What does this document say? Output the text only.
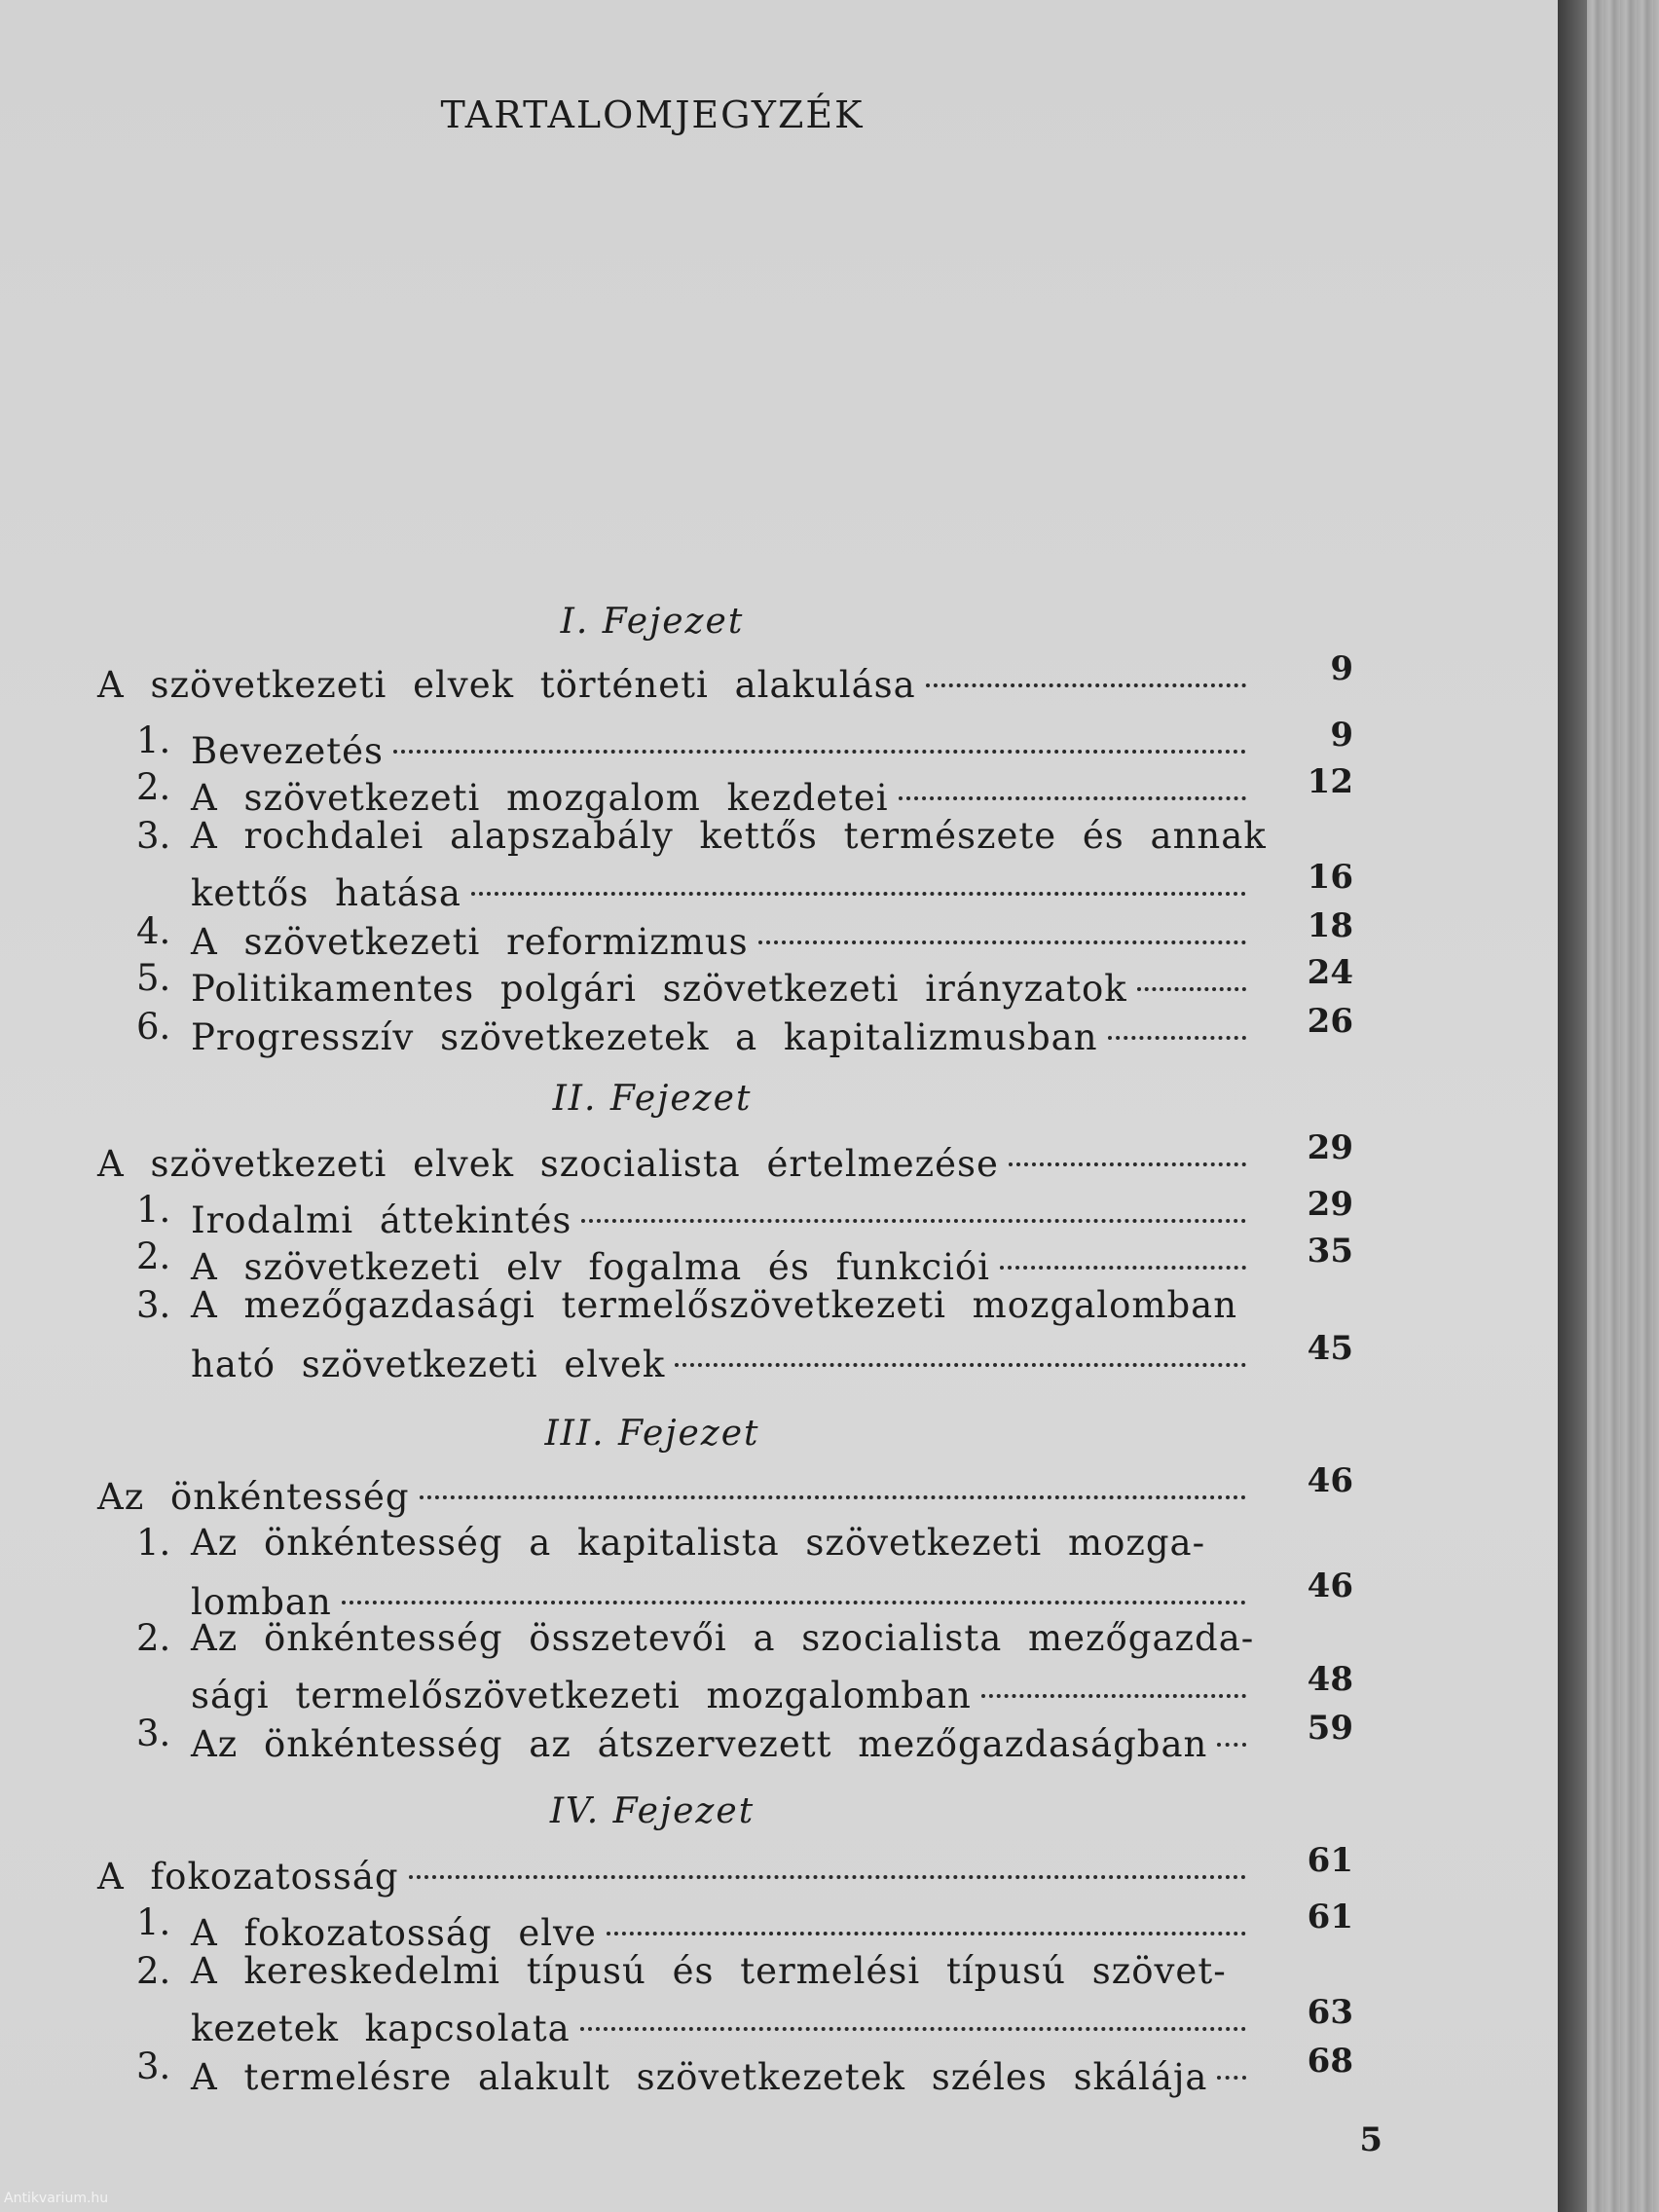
TARTALOMJEGYZÉK
I. Fejezet
A szövetkezeti elvek történeti alakulása	9
1. Bevezetés	9
2. A szövetkezeti mozgalom kezdetei	12
3. A rochdalei alapszabály kettős természete és annak
kettős hatása	16
4. A szövetkezeti reformizmus	18
5. Politikamentes polgári szövetkezeti irányzatok	24
6. Progresszív szövetkezetek a kapitalizmusban	26
II. Fejezet
A szövetkezeti elvek szocialista értelmezése	29
1. Irodalmi áttekintés	29
2. A szövetkezeti elv fogalma és funkciói	35
3. A mezőgazdasági termelőszövetkezeti mozgalomban
ható szövetkezeti elvek	45
III. Fejezet
Az önkéntesség	46
1. Az önkéntesség a kapitalista szövetkezeti mozga-
lomban	46
2. Az önkéntesség összetevői a szocialista mezőgazda-
sági termelőszövetkezeti mozgalomban	48
3. Az önkéntesség az átszervezett mezőgazdaságban	59
IV. Fejezet
A fokozatosság	61
1. A fokozatosság elve	61
2. A kereskedelmi típusú és termelési típusú szövet-
kezetek kapcsolata	63
3. A termelésre alakult szövetkezetek széles skálája	68
5
Antikvarium.hu
